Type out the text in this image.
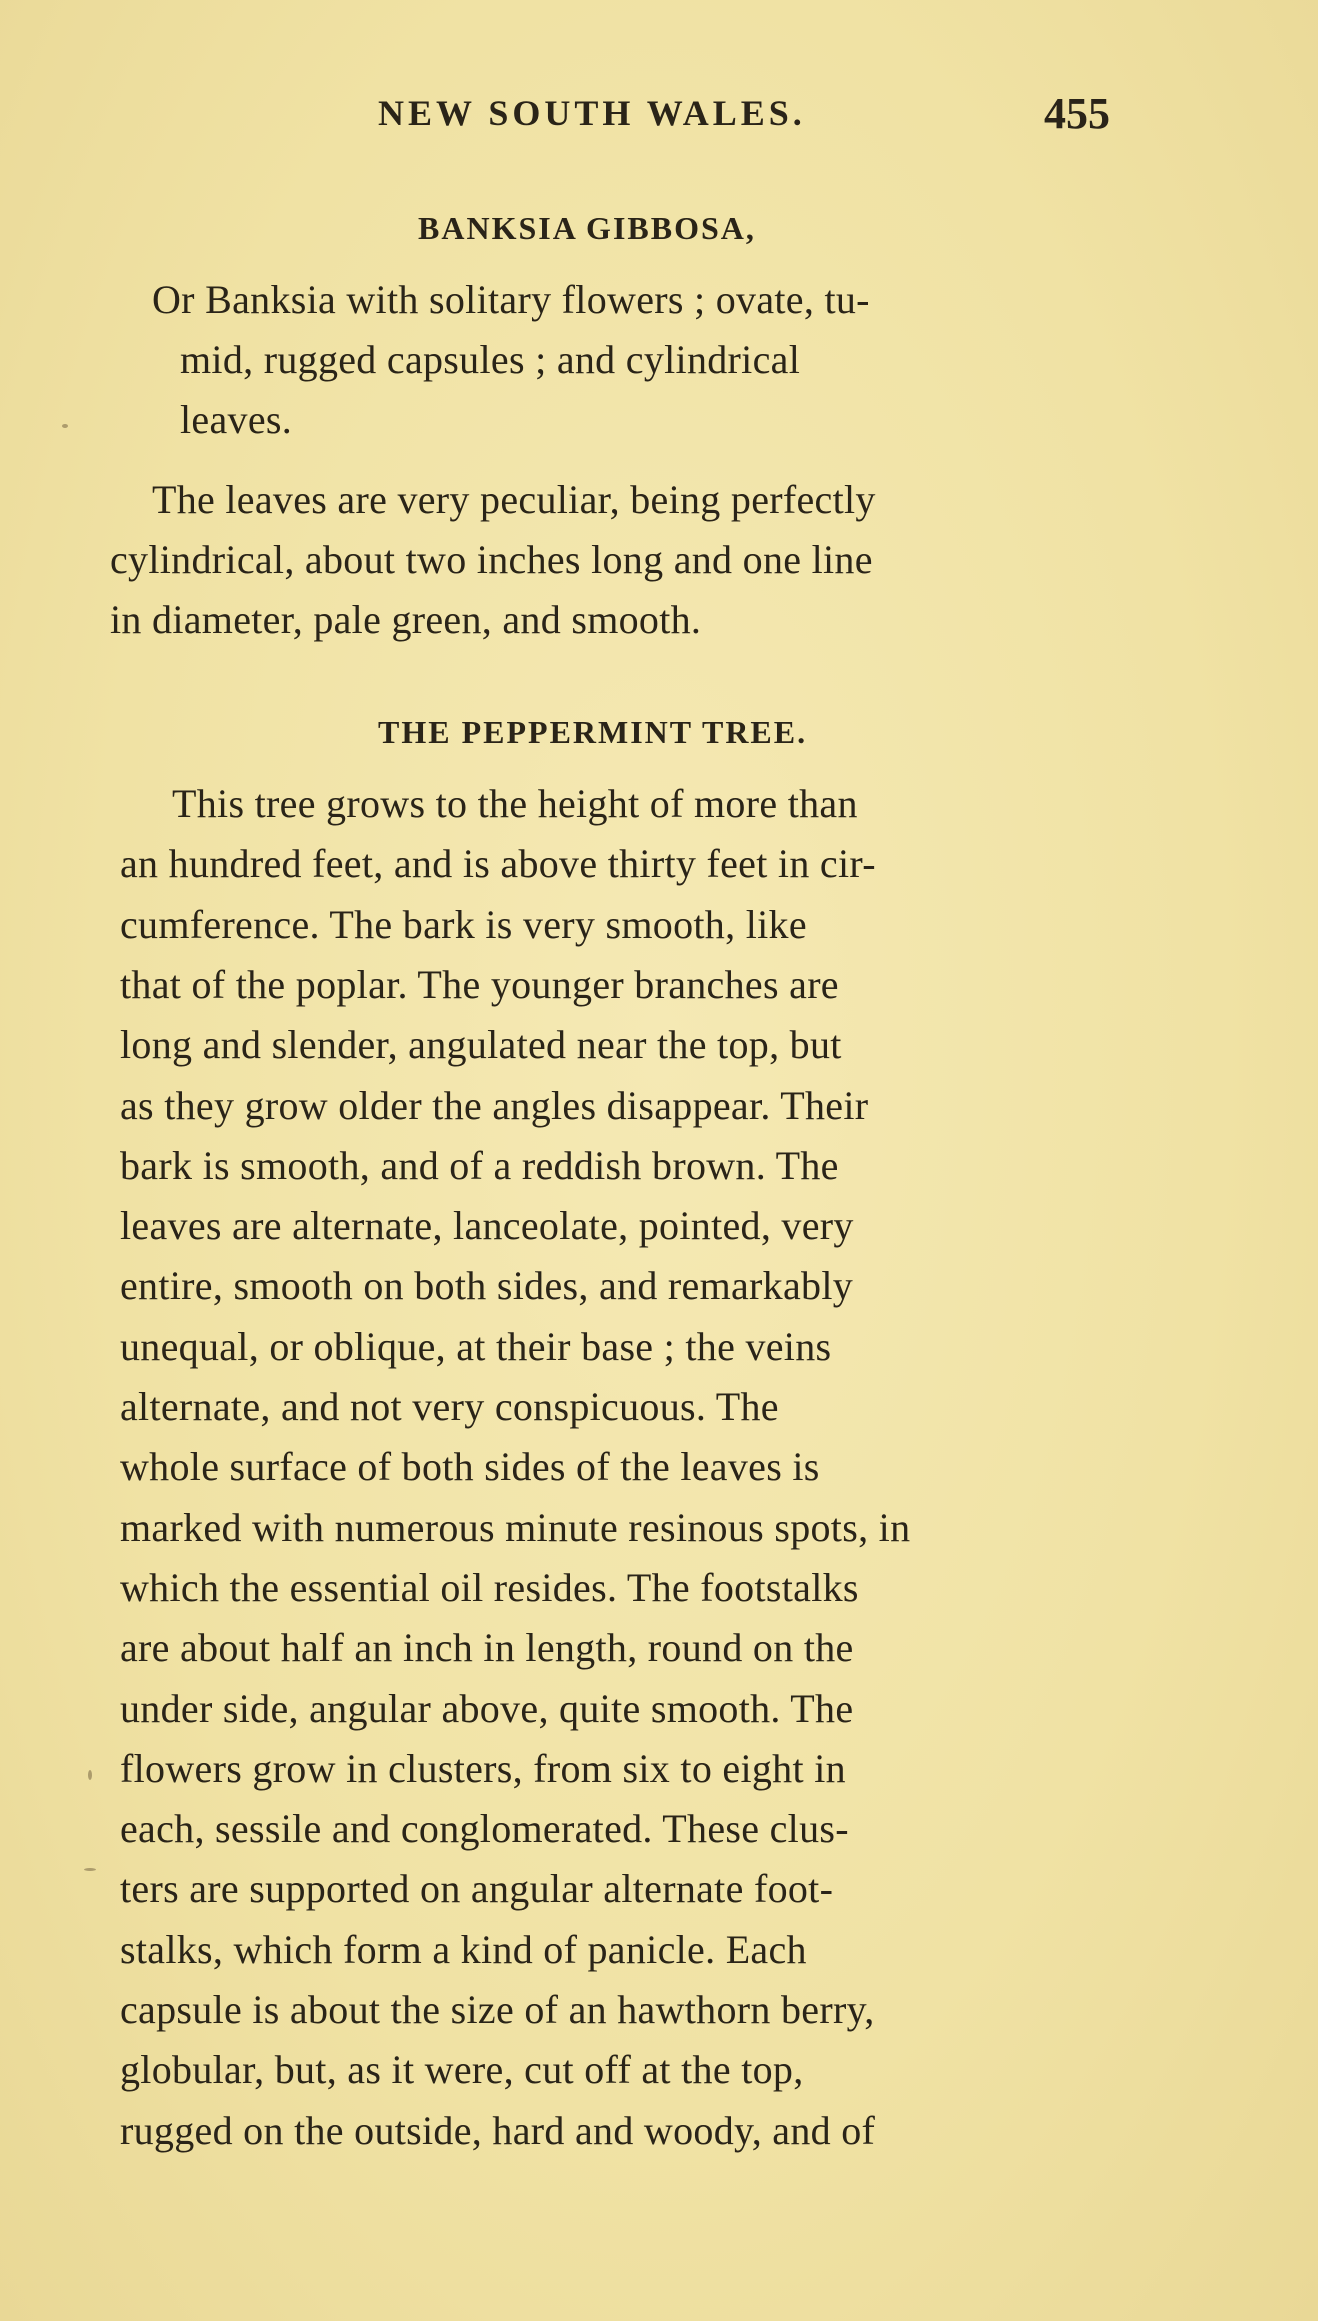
NEW SOUTH WALES.	455
BANKSIA GIBBOSA,
Or Banksia with solitary flowers ; ovate, tu-
mid, rugged capsules ; and cylindrical
leaves.
The leaves are very peculiar, being perfectly
cylindrical, about two inches long and one line
in diameter, pale green, and smooth.
THE PEPPERMINT TREE.
This tree grows to the height of more than
an hundred feet, and is above thirty feet in cir-
cumference. The bark is very smooth, like
that of the poplar. The younger branches are
long and slender, angulated near the top, but
as they grow older the angles disappear. Their
bark is smooth, and of a reddish brown. The
leaves are alternate, lanceolate, pointed, very
entire, smooth on both sides, and remarkably
unequal, or oblique, at their base ; the veins
alternate, and not very conspicuous. The
whole surface of both sides of the leaves is
marked with numerous minute resinous spots, in
which the essential oil resides. The footstalks
are about half an inch in length, round on the
under side, angular above, quite smooth. The
flowers grow in clusters, from six to eight in
each, sessile and conglomerated. These clus-
ters are supported on angular alternate foot-
stalks, which form a kind of panicle. Each
capsule is about the size of an hawthorn berry,
globular, but, as it were, cut off at the top,
rugged on the outside, hard and woody, and of
